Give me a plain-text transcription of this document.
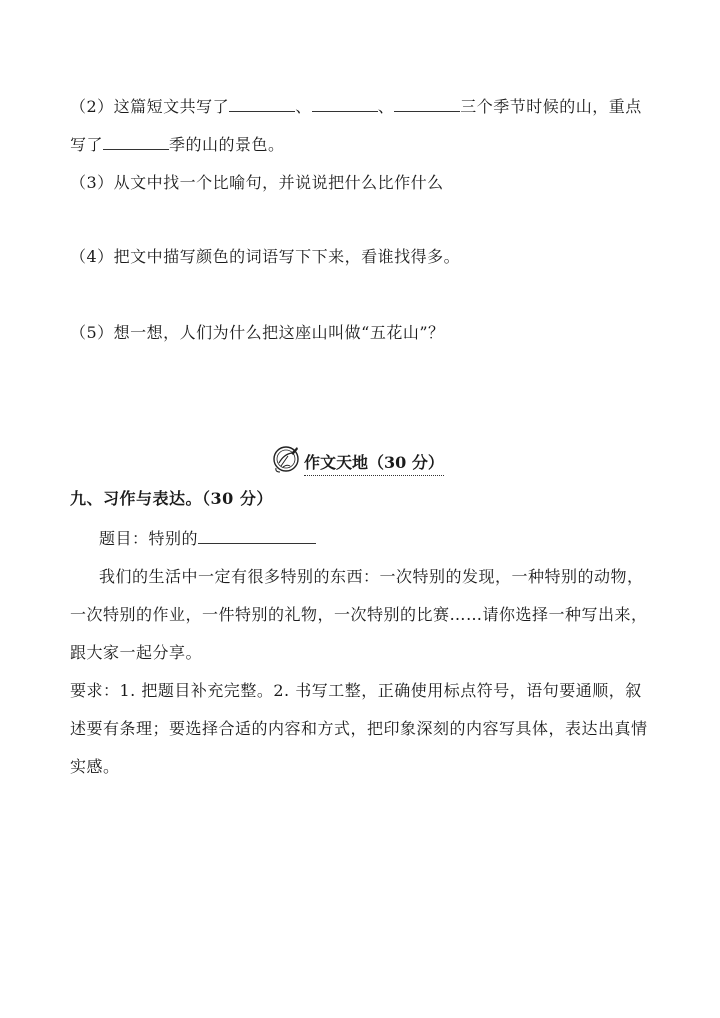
（2）这篇短文共写了	、	、	三个季节时候的山，重点
写了	季的山的景色。
（3）从文中找一个比喻句，并说说把什么比作什么
（4）把文中描写颜色的词语写下下来，看谁找得多。
（5）想一想，人们为什么把这座山叫做“五花山”？
作文天地（30 分）
九、习作与表达。（30 分）
题目：特别的
我们的生活中一定有很多特别的东西：一次特别的发现，一种特别的动物，
一次特别的作业，一件特别的礼物，一次特别的比赛……请你选择一种写出来，
跟大家一起分享。
要求：1. 把题目补充完整。2. 书写工整，正确使用标点符号，语句要通顺，叙
述要有条理；要选择合适的内容和方式，把印象深刻的内容写具体，表达出真情
实感。
